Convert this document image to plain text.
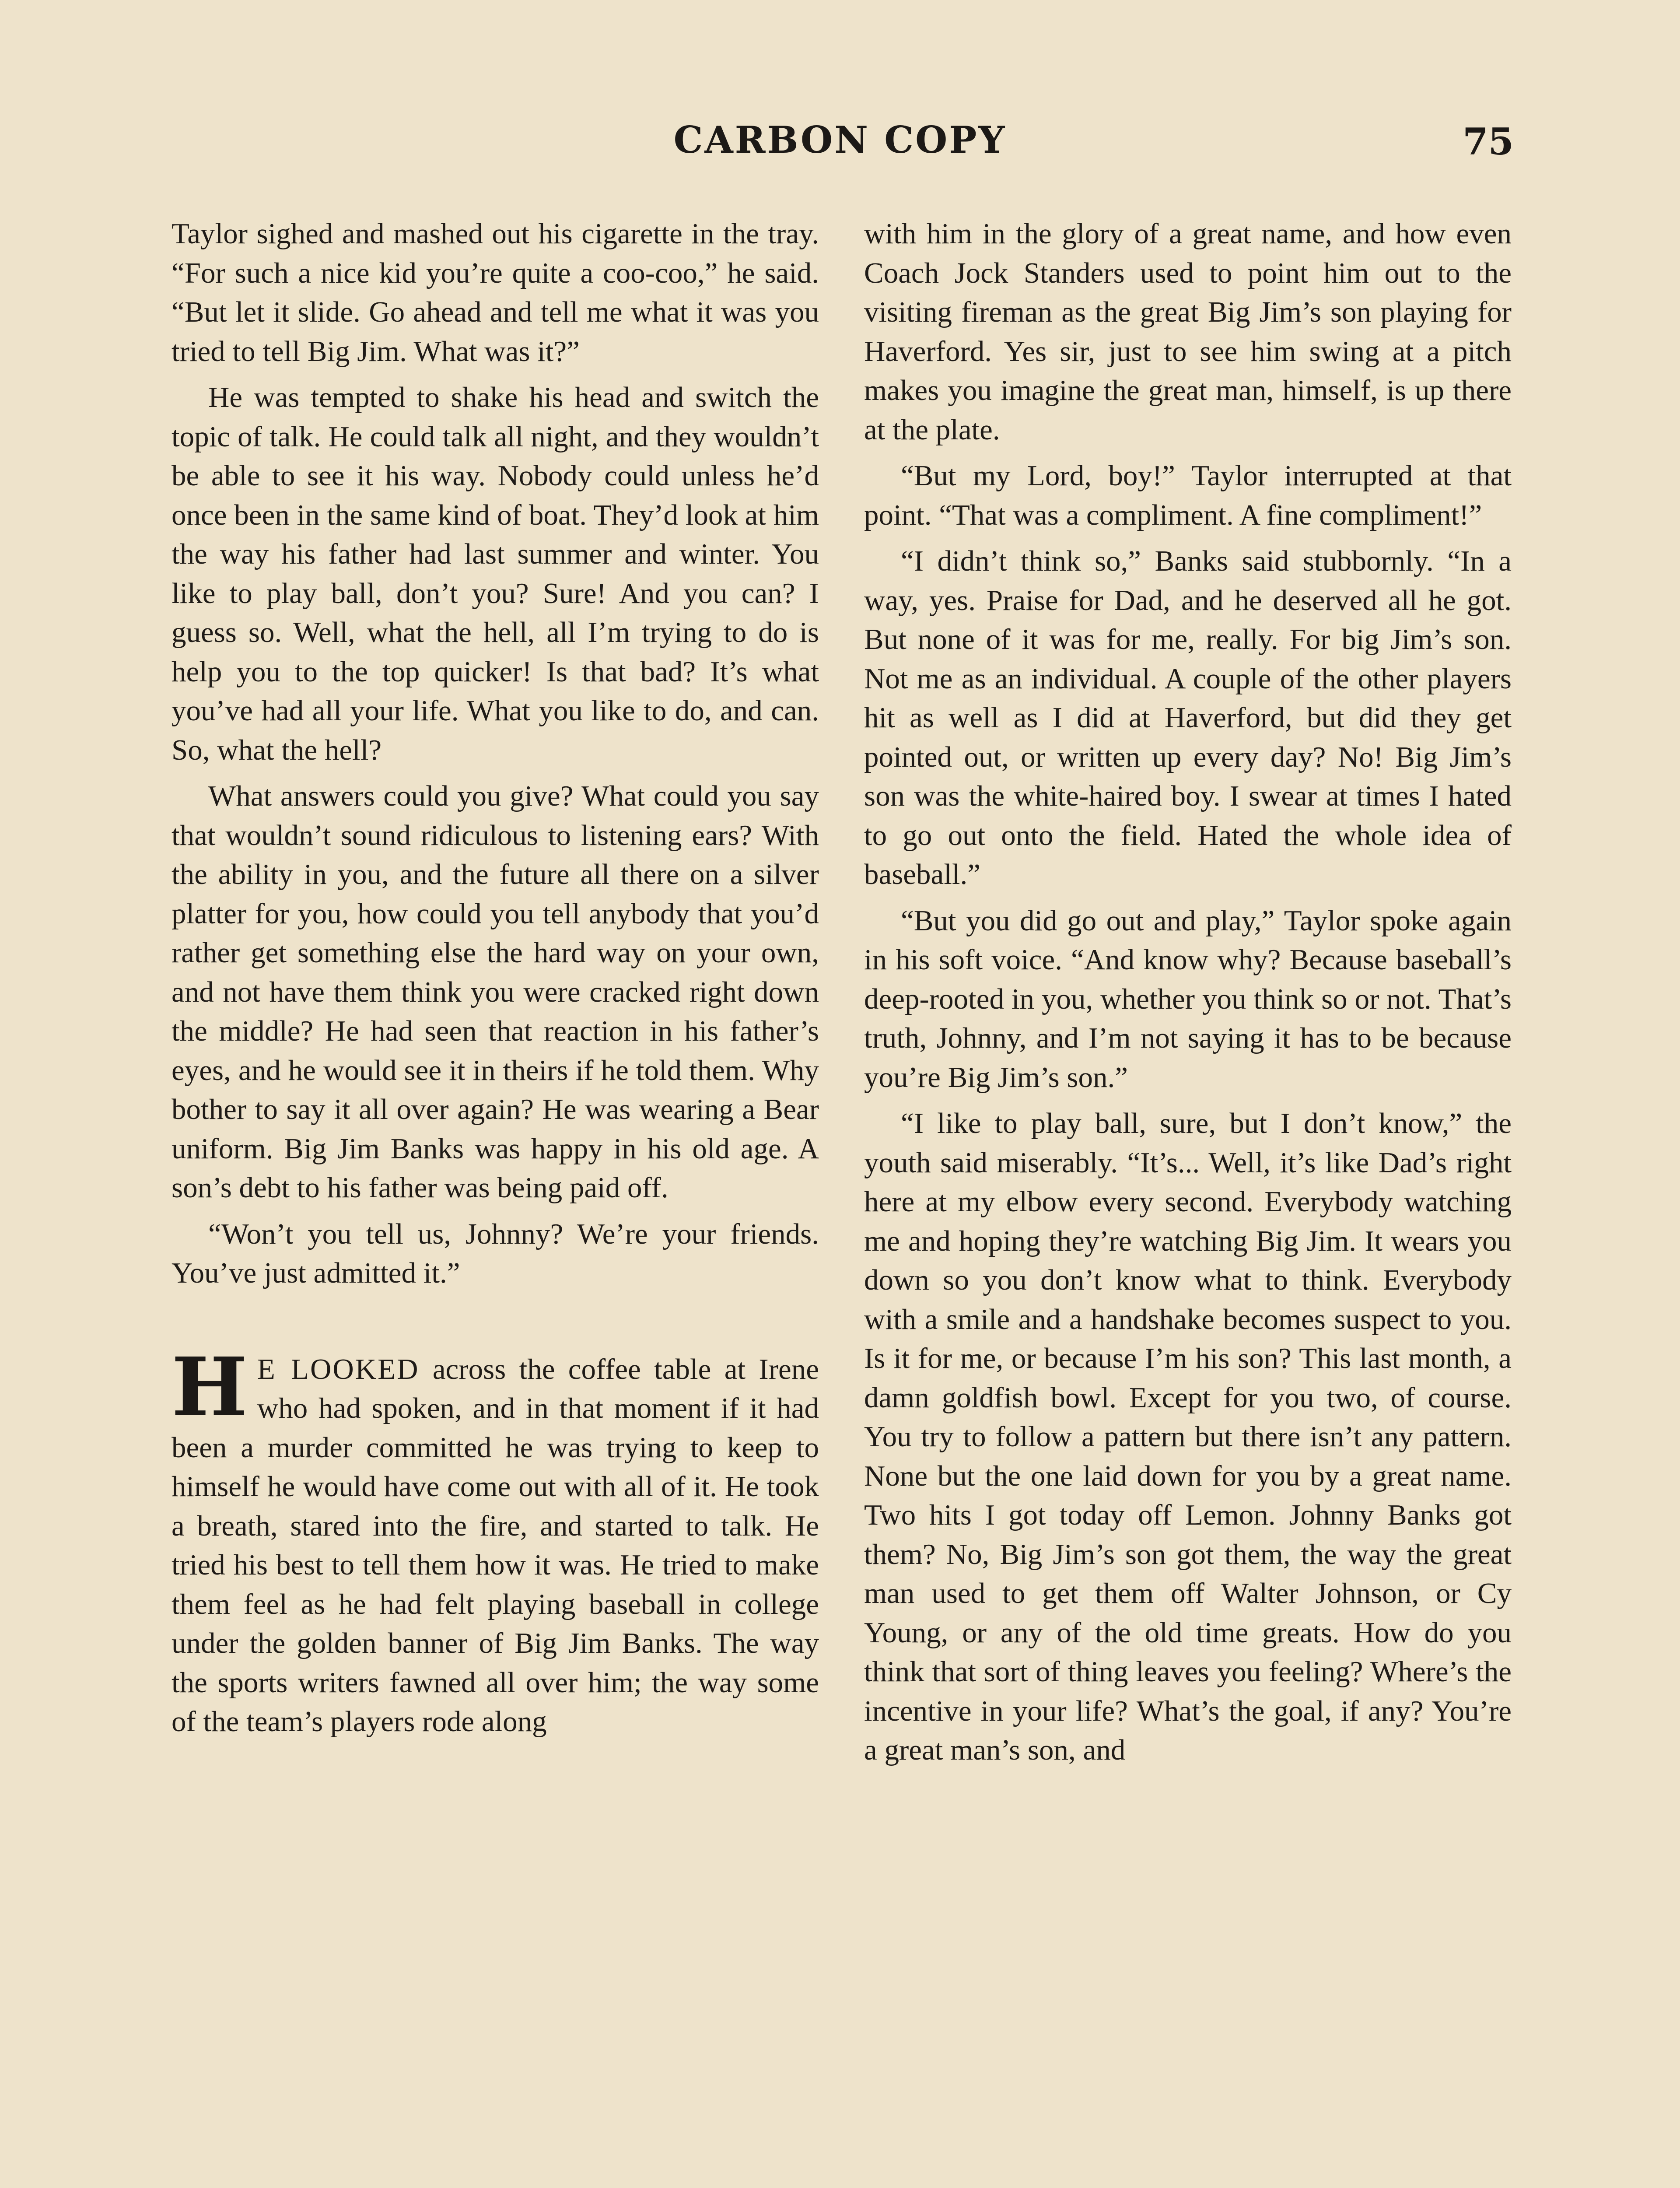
CARBON COPY	75

Taylor sighed and mashed out his cigarette in the tray. “For such a nice kid you’re quite a coo-coo,” he said. “But let it slide. Go ahead and tell me what it was you tried to tell Big Jim. What was it?”

He was tempted to shake his head and switch the topic of talk. He could talk all night, and they wouldn’t be able to see it his way. Nobody could unless he’d once been in the same kind of boat. They’d look at him the way his father had last summer and winter. You like to play ball, don’t you? Sure! And you can? I guess so. Well, what the hell, all I’m trying to do is help you to the top quicker! Is that bad? It’s what you’ve had all your life. What you like to do, and can. So, what the hell?

What answers could you give? What could you say that wouldn’t sound ridiculous to listening ears? With the ability in you, and the future all there on a silver platter for you, how could you tell anybody that you’d rather get something else the hard way on your own, and not have them think you were cracked right down the middle? He had seen that reaction in his father’s eyes, and he would see it in theirs if he told them. Why bother to say it all over again? He was wearing a Bear uniform. Big Jim Banks was happy in his old age. A son’s debt to his father was being paid off.

“Won’t you tell us, Johnny? We’re your friends. You’ve just admitted it.”

H E LOOKED across the coffee table at Irene who had spoken, and in that moment if it had been a murder committed he was trying to keep to himself he would have come out with all of it. He took a breath, stared into the fire, and started to talk. He tried his best to tell them how it was. He tried to make them feel as he had felt playing baseball in college under the golden banner of Big Jim Banks. The way the sports writers fawned all over him; the way some of the team’s players rode along

with him in the glory of a great name, and how even Coach Jock Standers used to point him out to the visiting fireman as the great Big Jim’s son playing for Haverford. Yes sir, just to see him swing at a pitch makes you imagine the great man, himself, is up there at the plate.

“But my Lord, boy!” Taylor interrupted at that point. “That was a compliment. A fine compliment!”

“I didn’t think so,” Banks said stubbornly. “In a way, yes. Praise for Dad, and he deserved all he got. But none of it was for me, really. For big Jim’s son. Not me as an individual. A couple of the other players hit as well as I did at Haverford, but did they get pointed out, or written up every day? No! Big Jim’s son was the white-haired boy. I swear at times I hated to go out onto the field. Hated the whole idea of baseball.”

“But you did go out and play,” Taylor spoke again in his soft voice. “And know why? Because baseball’s deep-rooted in you, whether you think so or not. That’s truth, Johnny, and I’m not saying it has to be because you’re Big Jim’s son.”

“I like to play ball, sure, but I don’t know,” the youth said miserably. “It’s... Well, it’s like Dad’s right here at my elbow every second. Everybody watching me and hoping they’re watching Big Jim. It wears you down so you don’t know what to think. Everybody with a smile and a handshake becomes suspect to you. Is it for me, or because I’m his son? This last month, a damn goldfish bowl. Except for you two, of course. You try to follow a pattern but there isn’t any pattern. None but the one laid down for you by a great name. Two hits I got today off Lemon. Johnny Banks got them? No, Big Jim’s son got them, the way the great man used to get them off Walter Johnson, or Cy Young, or any of the old time greats. How do you think that sort of thing leaves you feeling? Where’s the incentive in your life? What’s the goal, if any? You’re a great man’s son, and
